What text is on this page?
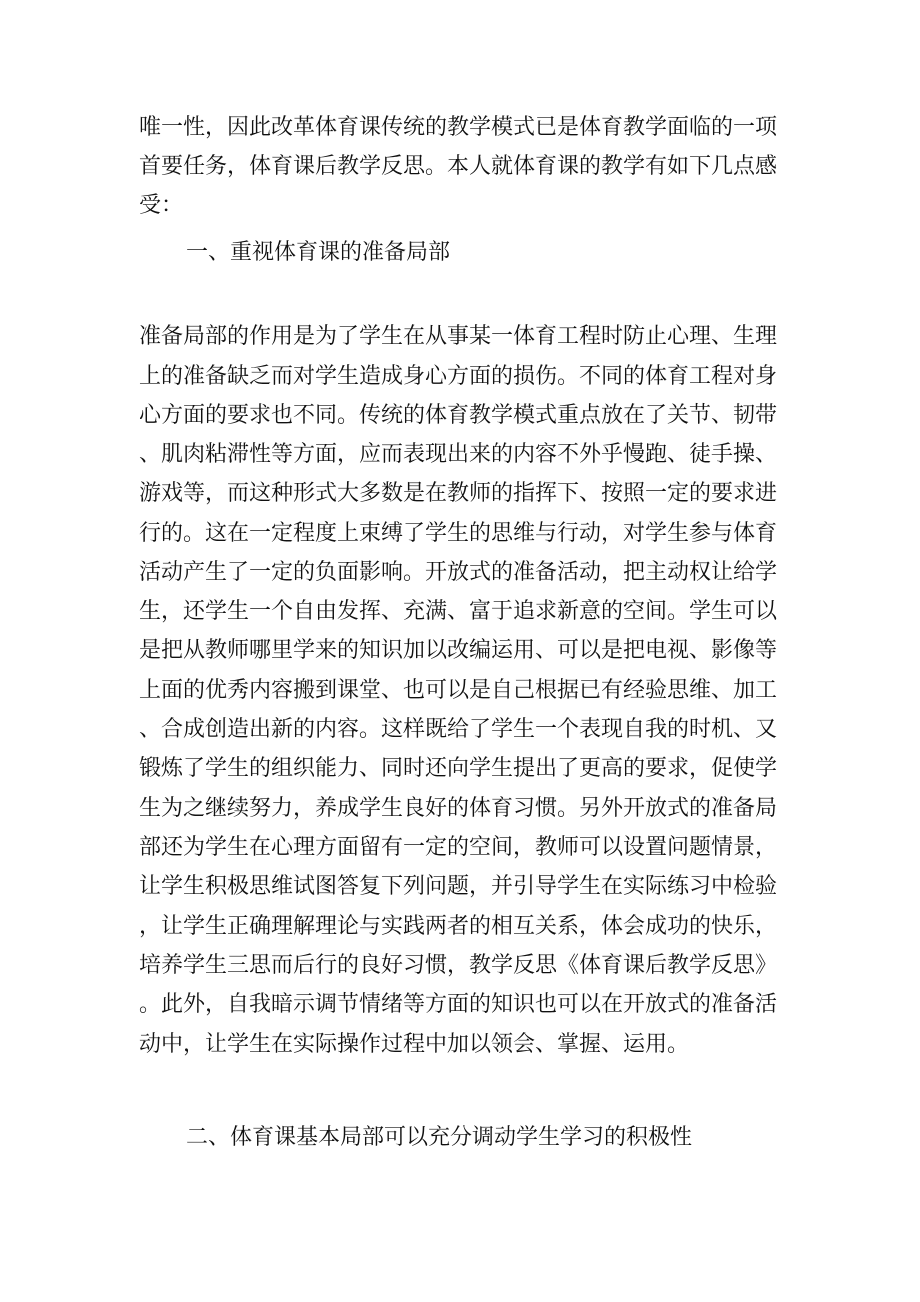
唯一性，因此改革体育课传统的教学模式已是体育教学面临的一项

首要任务，体育课后教学反思。本人就体育课的教学有如下几点感

受：

一、重视体育课的准备局部

准备局部的作用是为了学生在从事某一体育工程时防止心理、生理

上的准备缺乏而对学生造成身心方面的损伤。不同的体育工程对身

心方面的要求也不同。传统的体育教学模式重点放在了关节、韧带

、肌肉粘滞性等方面，应而表现出来的内容不外乎慢跑、徒手操、

游戏等，而这种形式大多数是在教师的指挥下、按照一定的要求进

行的。这在一定程度上束缚了学生的思维与行动，对学生参与体育

活动产生了一定的负面影响。开放式的准备活动，把主动权让给学

生，还学生一个自由发挥、充满、富于追求新意的空间。学生可以

是把从教师哪里学来的知识加以改编运用、可以是把电视、影像等

上面的优秀内容搬到课堂、也可以是自己根据已有经验思维、加工

、合成创造出新的内容。这样既给了学生一个表现自我的时机、又

锻炼了学生的组织能力、同时还向学生提出了更高的要求，促使学

生为之继续努力，养成学生良好的体育习惯。另外开放式的准备局

部还为学生在心理方面留有一定的空间，教师可以设置问题情景，

让学生积极思维试图答复下列问题，并引导学生在实际练习中检验

，让学生正确理解理论与实践两者的相互关系，体会成功的快乐，

培养学生三思而后行的良好习惯，教学反思《体育课后教学反思》

。此外，自我暗示调节情绪等方面的知识也可以在开放式的准备活

动中，让学生在实际操作过程中加以领会、掌握、运用。

二、体育课基本局部可以充分调动学生学习的积极性
